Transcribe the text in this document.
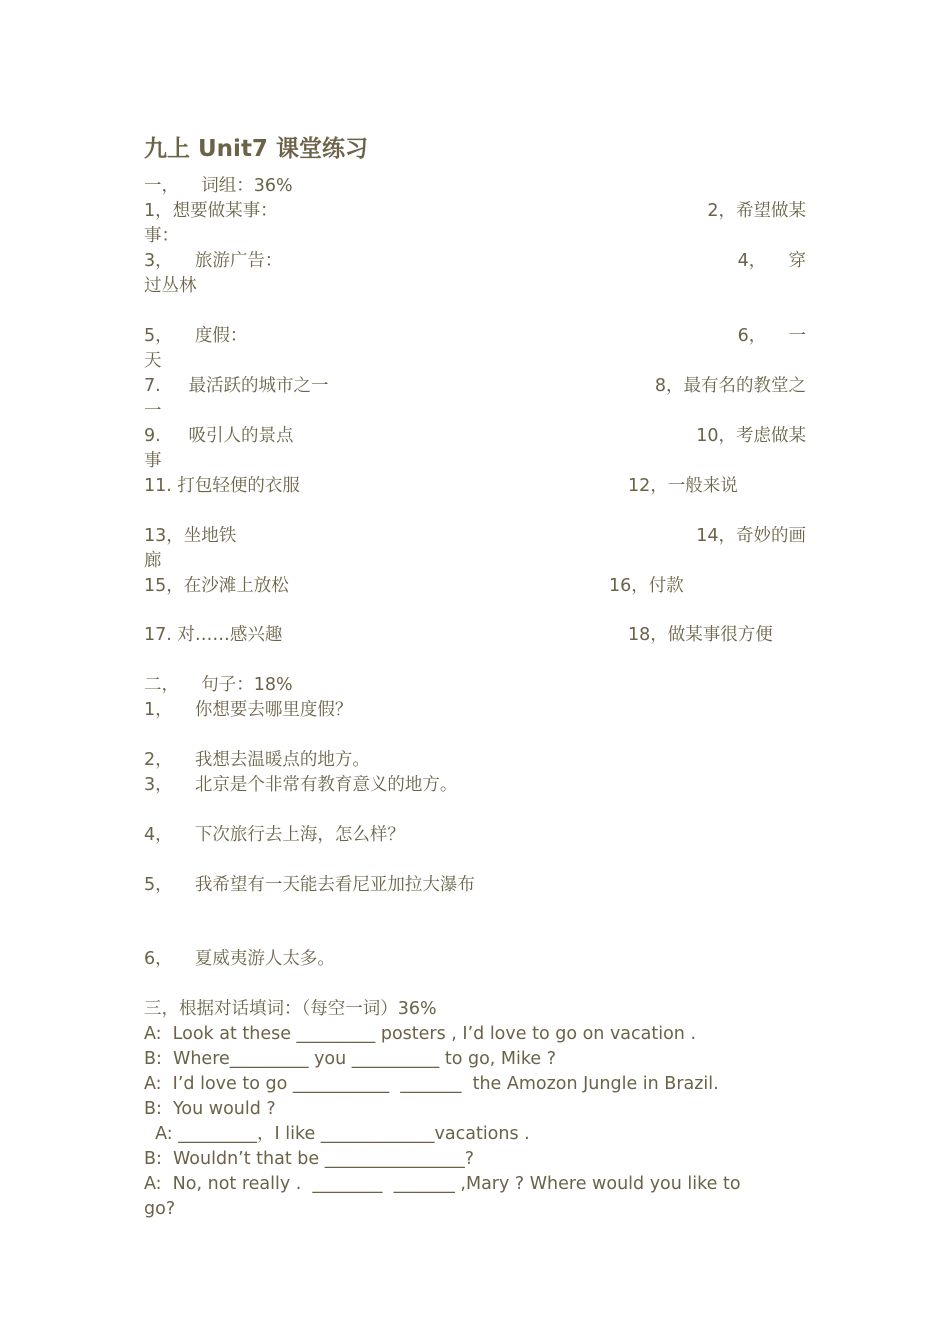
九上 Unit7 课堂练习
一，    词组：36%
1，想要做某事：	2，希望做某
事：
3，    旅游广告：	4，    穿
过丛林
5，    度假：	6，    一
天
7.     最活跃的城市之一	8，最有名的教堂之
一
9.     吸引人的景点	10，考虑做某
事
11. 打包轻便的衣服	12，一般来说
13，坐地铁	14，奇妙的画
廊
15，在沙滩上放松	16，付款
17. 对……感兴趣	18，做某事很方便
二，    句子：18%
1，    你想要去哪里度假？
2，    我想去温暖点的地方。
3，    北京是个非常有教育意义的地方。
4，    下次旅行去上海，怎么样？
5，    我希望有一天能去看尼亚加拉大瀑布
6，    夏威夷游人太多。
三，根据对话填词：（每空一词）36%
A:  Look at these _________ posters , I’d love to go on vacation .
B:  Where_________ you __________ to go, Mike ?
A:  I’d love to go ___________  _______  the Amozon Jungle in Brazil.
B:  You would ?
A: _________，I like _____________vacations .
B:  Wouldn’t that be ________________?
A:  No, not really .  ________  _______ ,Mary ? Where would you like to
go?
